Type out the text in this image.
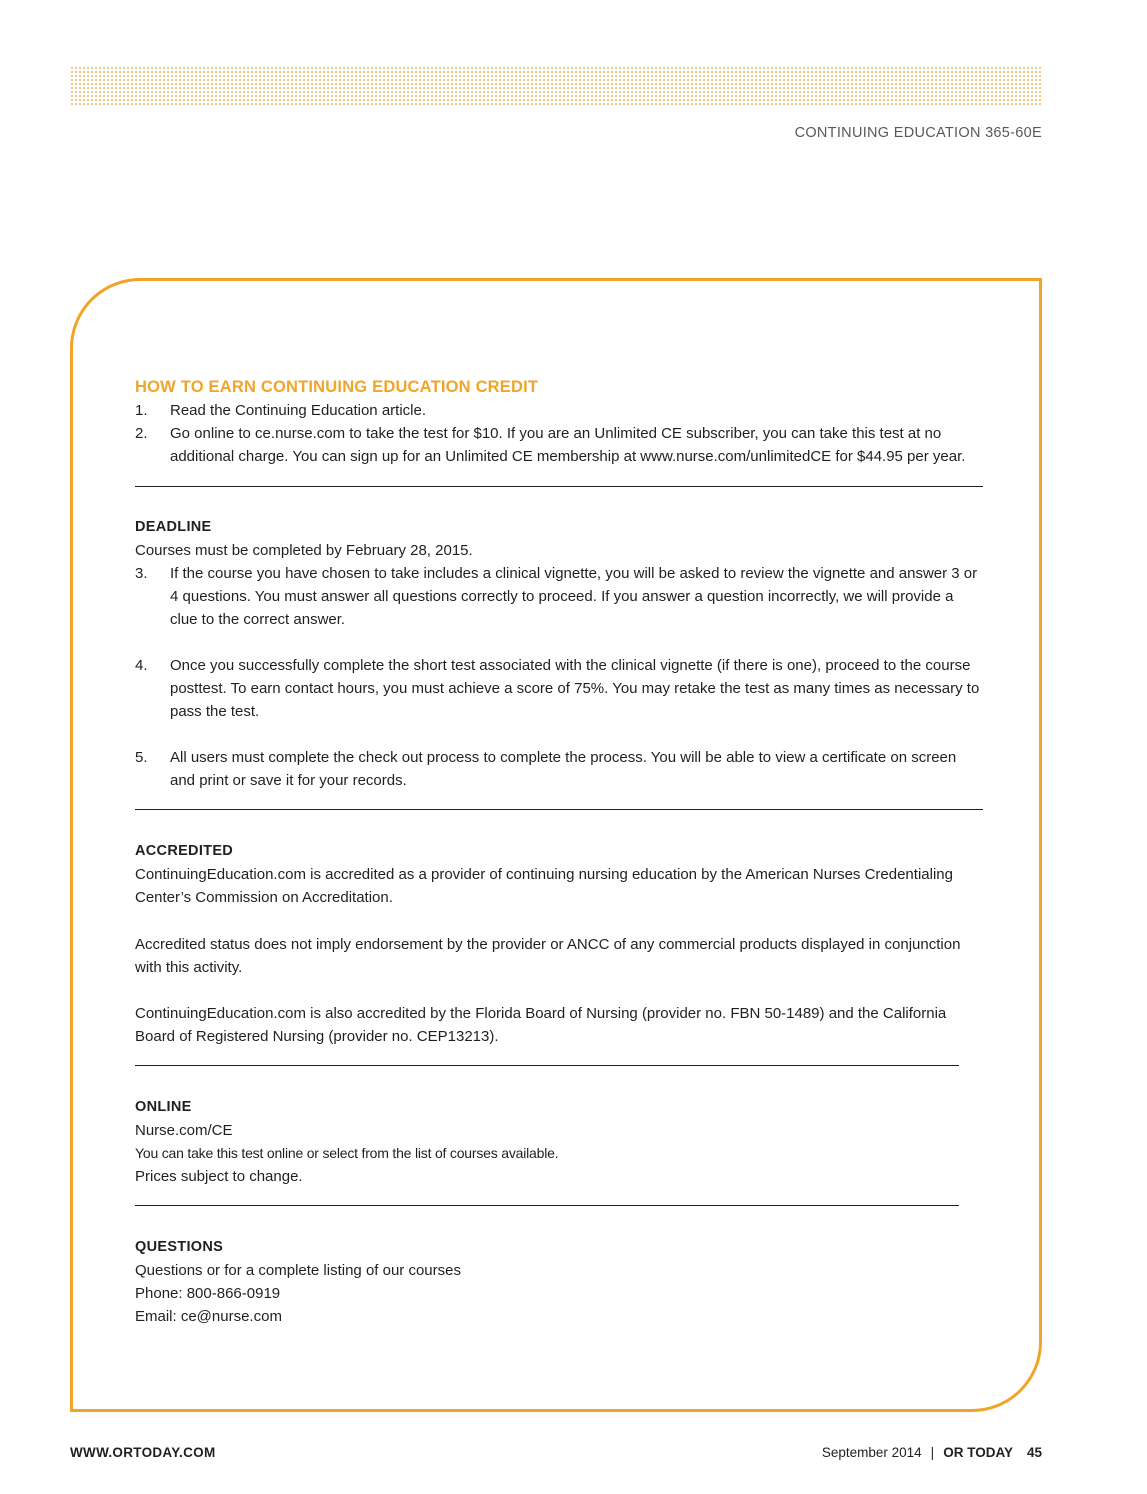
CONTINUING EDUCATION 365-60E
HOW TO EARN CONTINUING EDUCATION CREDIT
1.	Read the Continuing Education article.
2.	Go online to ce.nurse.com to take the test for $10. If you are an Unlimited CE subscriber, you can take this test at no additional charge. You can sign up for an Unlimited CE membership at www.nurse.com/unlimitedCE for $44.95 per year.
DEADLINE

Courses must be completed by February 28, 2015.

3.	If the course you have chosen to take includes a clinical vignette, you will be asked to review the vignette and answer 3 or 4 questions. You must answer all questions correctly to proceed. If you answer a question incorrectly, we will provide a clue to the correct answer.
4.	Once you successfully complete the short test associated with the clinical vignette (if there is one), proceed to the course posttest. To earn contact hours, you must achieve a score of 75%. You may retake the test as many times as necessary to pass the test.
5.	All users must complete the check out process to complete the process. You will be able to view a certificate on screen and print or save it for your records.
ACCREDITED

ContinuingEducation.com is accredited as a provider of continuing nursing education by the American Nurses Credentialing Center’s Commission on Accreditation.

Accredited status does not imply endorsement by the provider or ANCC of any commercial products displayed in conjunction with this activity.

ContinuingEducation.com is also accredited by the Florida Board of Nursing (provider no. FBN 50-1489) and the California Board of Registered Nursing (provider no. CEP13213).

ONLINE

Nurse.com/CE

You can take this test online or select from the list of courses available.

Prices subject to change.

QUESTIONS

Questions or for a complete listing of our courses

Phone: 800-866-0919

Email: ce@nurse.com

WWW.ORTODAY.COM	September 2014 | OR TODAY 45
